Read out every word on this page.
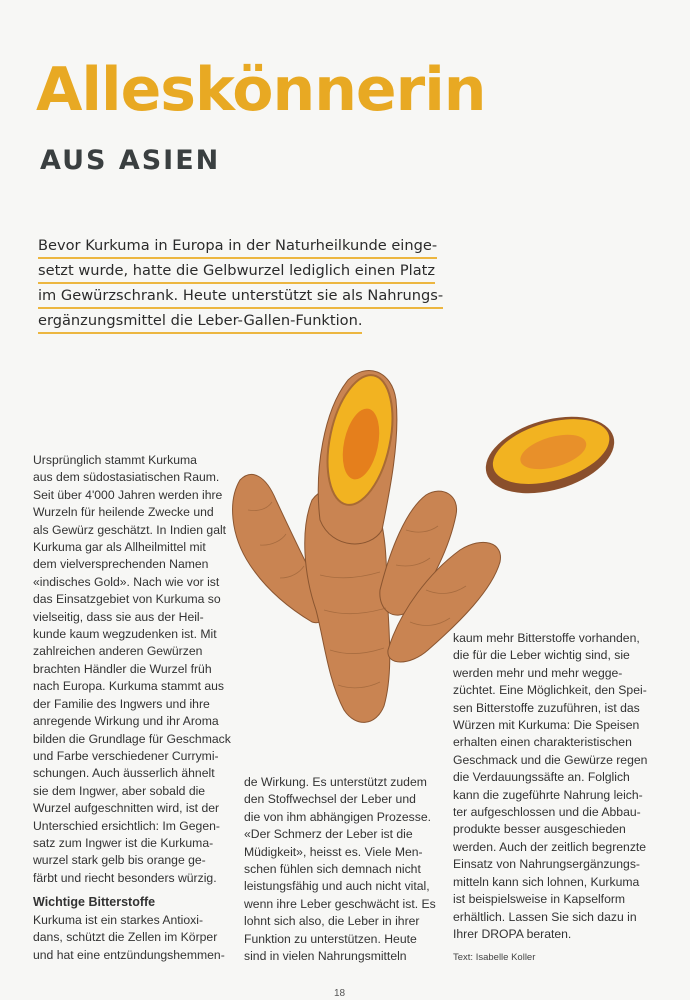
Alleskönnerin
AUS ASIEN
Bevor Kurkuma in Europa in der Naturheilkunde einge-
setzt wurde, hatte die Gelbwurzel lediglich einen Platz
im Gewürzschrank. Heute unterstützt sie als Nahrungs-
ergänzungsmittel die Leber-Gallen-Funktion.
Ursprünglich stammt Kurkuma
aus dem südostasiatischen Raum.
Seit über 4'000 Jahren werden ihre
Wurzeln für heilende Zwecke und
als Gewürz geschätzt. In Indien galt
Kurkuma gar als Allheilmittel mit
dem vielversprechenden Namen
«indisches Gold». Nach wie vor ist
das Einsatzgebiet von Kurkuma so
vielseitig, dass sie aus der Heil-
kunde kaum wegzudenken ist. Mit
zahlreichen anderen Gewürzen
brachten Händler die Wurzel früh
nach Europa. Kurkuma stammt aus
der Familie des Ingwers und ihre
anregende Wirkung und ihr Aroma
bilden die Grundlage für Geschmack
und Farbe verschiedener Currymi-
schungen. Auch äusserlich ähnelt
sie dem Ingwer, aber sobald die
Wurzel aufgeschnitten wird, ist der
Unterschied ersichtlich: Im Gegen-
satz zum Ingwer ist die Kurkuma-
wurzel stark gelb bis orange ge-
färbt und riecht besonders würzig.
Wichtige Bitterstoffe
Kurkuma ist ein starkes Antioxi-
dans, schützt die Zellen im Körper
und hat eine entzündungshemmen-
de Wirkung. Es unterstützt zudem
den Stoffwechsel der Leber und
die von ihm abhängigen Prozesse.
«Der Schmerz der Leber ist die
Müdigkeit», heisst es. Viele Men-
schen fühlen sich demnach nicht
leistungsfähig und auch nicht vital,
wenn ihre Leber geschwächt ist. Es
lohnt sich also, die Leber in ihrer
Funktion zu unterstützen. Heute
sind in vielen Nahrungsmitteln
kaum mehr Bitterstoffe vorhanden,
die für die Leber wichtig sind, sie
werden mehr und mehr wegge-
züchtet. Eine Möglichkeit, den Spei-
sen Bitterstoffe zuzuführen, ist das
Würzen mit Kurkuma: Die Speisen
erhalten einen charakteristischen
Geschmack und die Gewürze regen
die Verdauungssäfte an. Folglich
kann die zugeführte Nahrung leich-
ter aufgeschlossen und die Abbau-
produkte besser ausgeschieden
werden. Auch der zeitlich begrenzte
Einsatz von Nahrungsergänzungs-
mitteln kann sich lohnen, Kurkuma
ist beispielsweise in Kapselform
erhältlich. Lassen Sie sich dazu in
Ihrer DROPA beraten.
Text: Isabelle Koller
18
